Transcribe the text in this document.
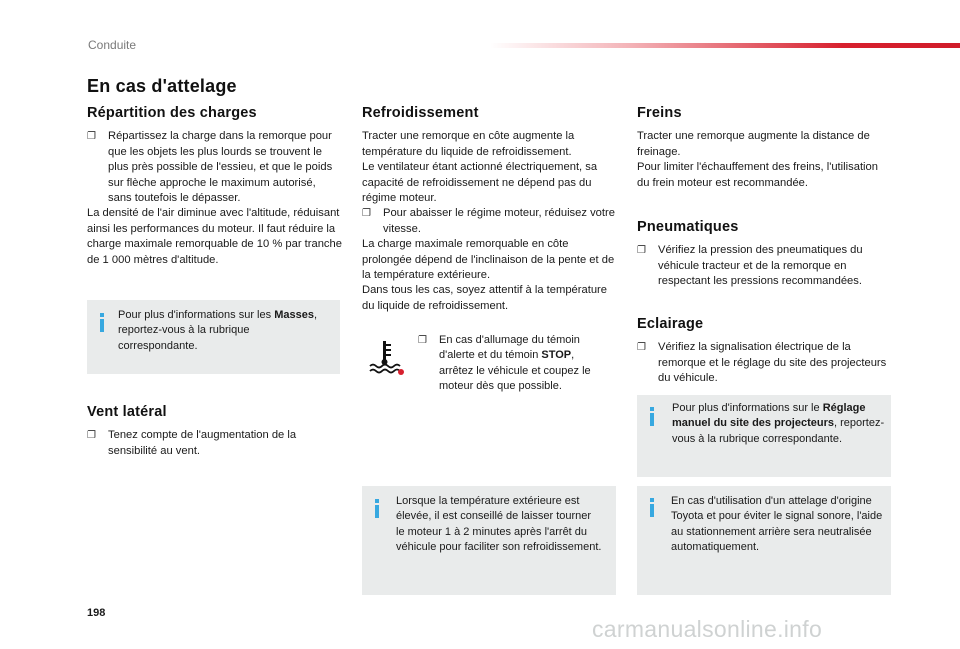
Conduite
En cas d'attelage
Répartition des charges
❐ Répartissez la charge dans la remorque pour que les objets les plus lourds se trouvent le plus près possible de l'essieu, et que le poids sur flèche approche le maximum autorisé, sans toutefois le dépasser.

La densité de l'air diminue avec l'altitude, réduisant ainsi les performances du moteur. Il faut réduire la charge maximale remorquable de 10 % par tranche de 1 000 mètres d'altitude.

Pour plus d'informations sur les Masses, reportez-vous à la rubrique correspondante.
Vent latéral
❐ Tenez compte de l'augmentation de la sensibilité au vent.
Refroidissement

Tracter une remorque en côte augmente la température du liquide de refroidissement.

Le ventilateur étant actionné électriquement, sa capacité de refroidissement ne dépend pas du régime moteur.

❐ Pour abaisser le régime moteur, réduisez votre vitesse.

La charge maximale remorquable en côte prolongée dépend de l'inclinaison de la pente et de la température extérieure.

Dans tous les cas, soyez attentif à la température du liquide de refroidissement.

❐ En cas d'allumage du témoin d'alerte et du témoin STOP, arrêtez le véhicule et coupez le moteur dès que possible.
Lorsque la température extérieure est élevée, il est conseillé de laisser tourner le moteur 1 à 2 minutes après l'arrêt du véhicule pour faciliter son refroidissement.
Freins

Tracter une remorque augmente la distance de freinage.

Pour limiter l'échauffement des freins, l'utilisation du frein moteur est recommandée.

Pneumatiques
❐ Vérifiez la pression des pneumatiques du véhicule tracteur et de la remorque en respectant les pressions recommandées.
Eclairage
❐ Vérifiez la signalisation électrique de la remorque et le réglage du site des projecteurs du véhicule.
Pour plus d'informations sur le Réglage manuel du site des projecteurs, reportez-vous à la rubrique correspondante.
En cas d'utilisation d'un attelage d'origine Toyota et pour éviter le signal sonore, l'aide au stationnement arrière sera neutralisée automatiquement.
198
carmanualsonline.info
